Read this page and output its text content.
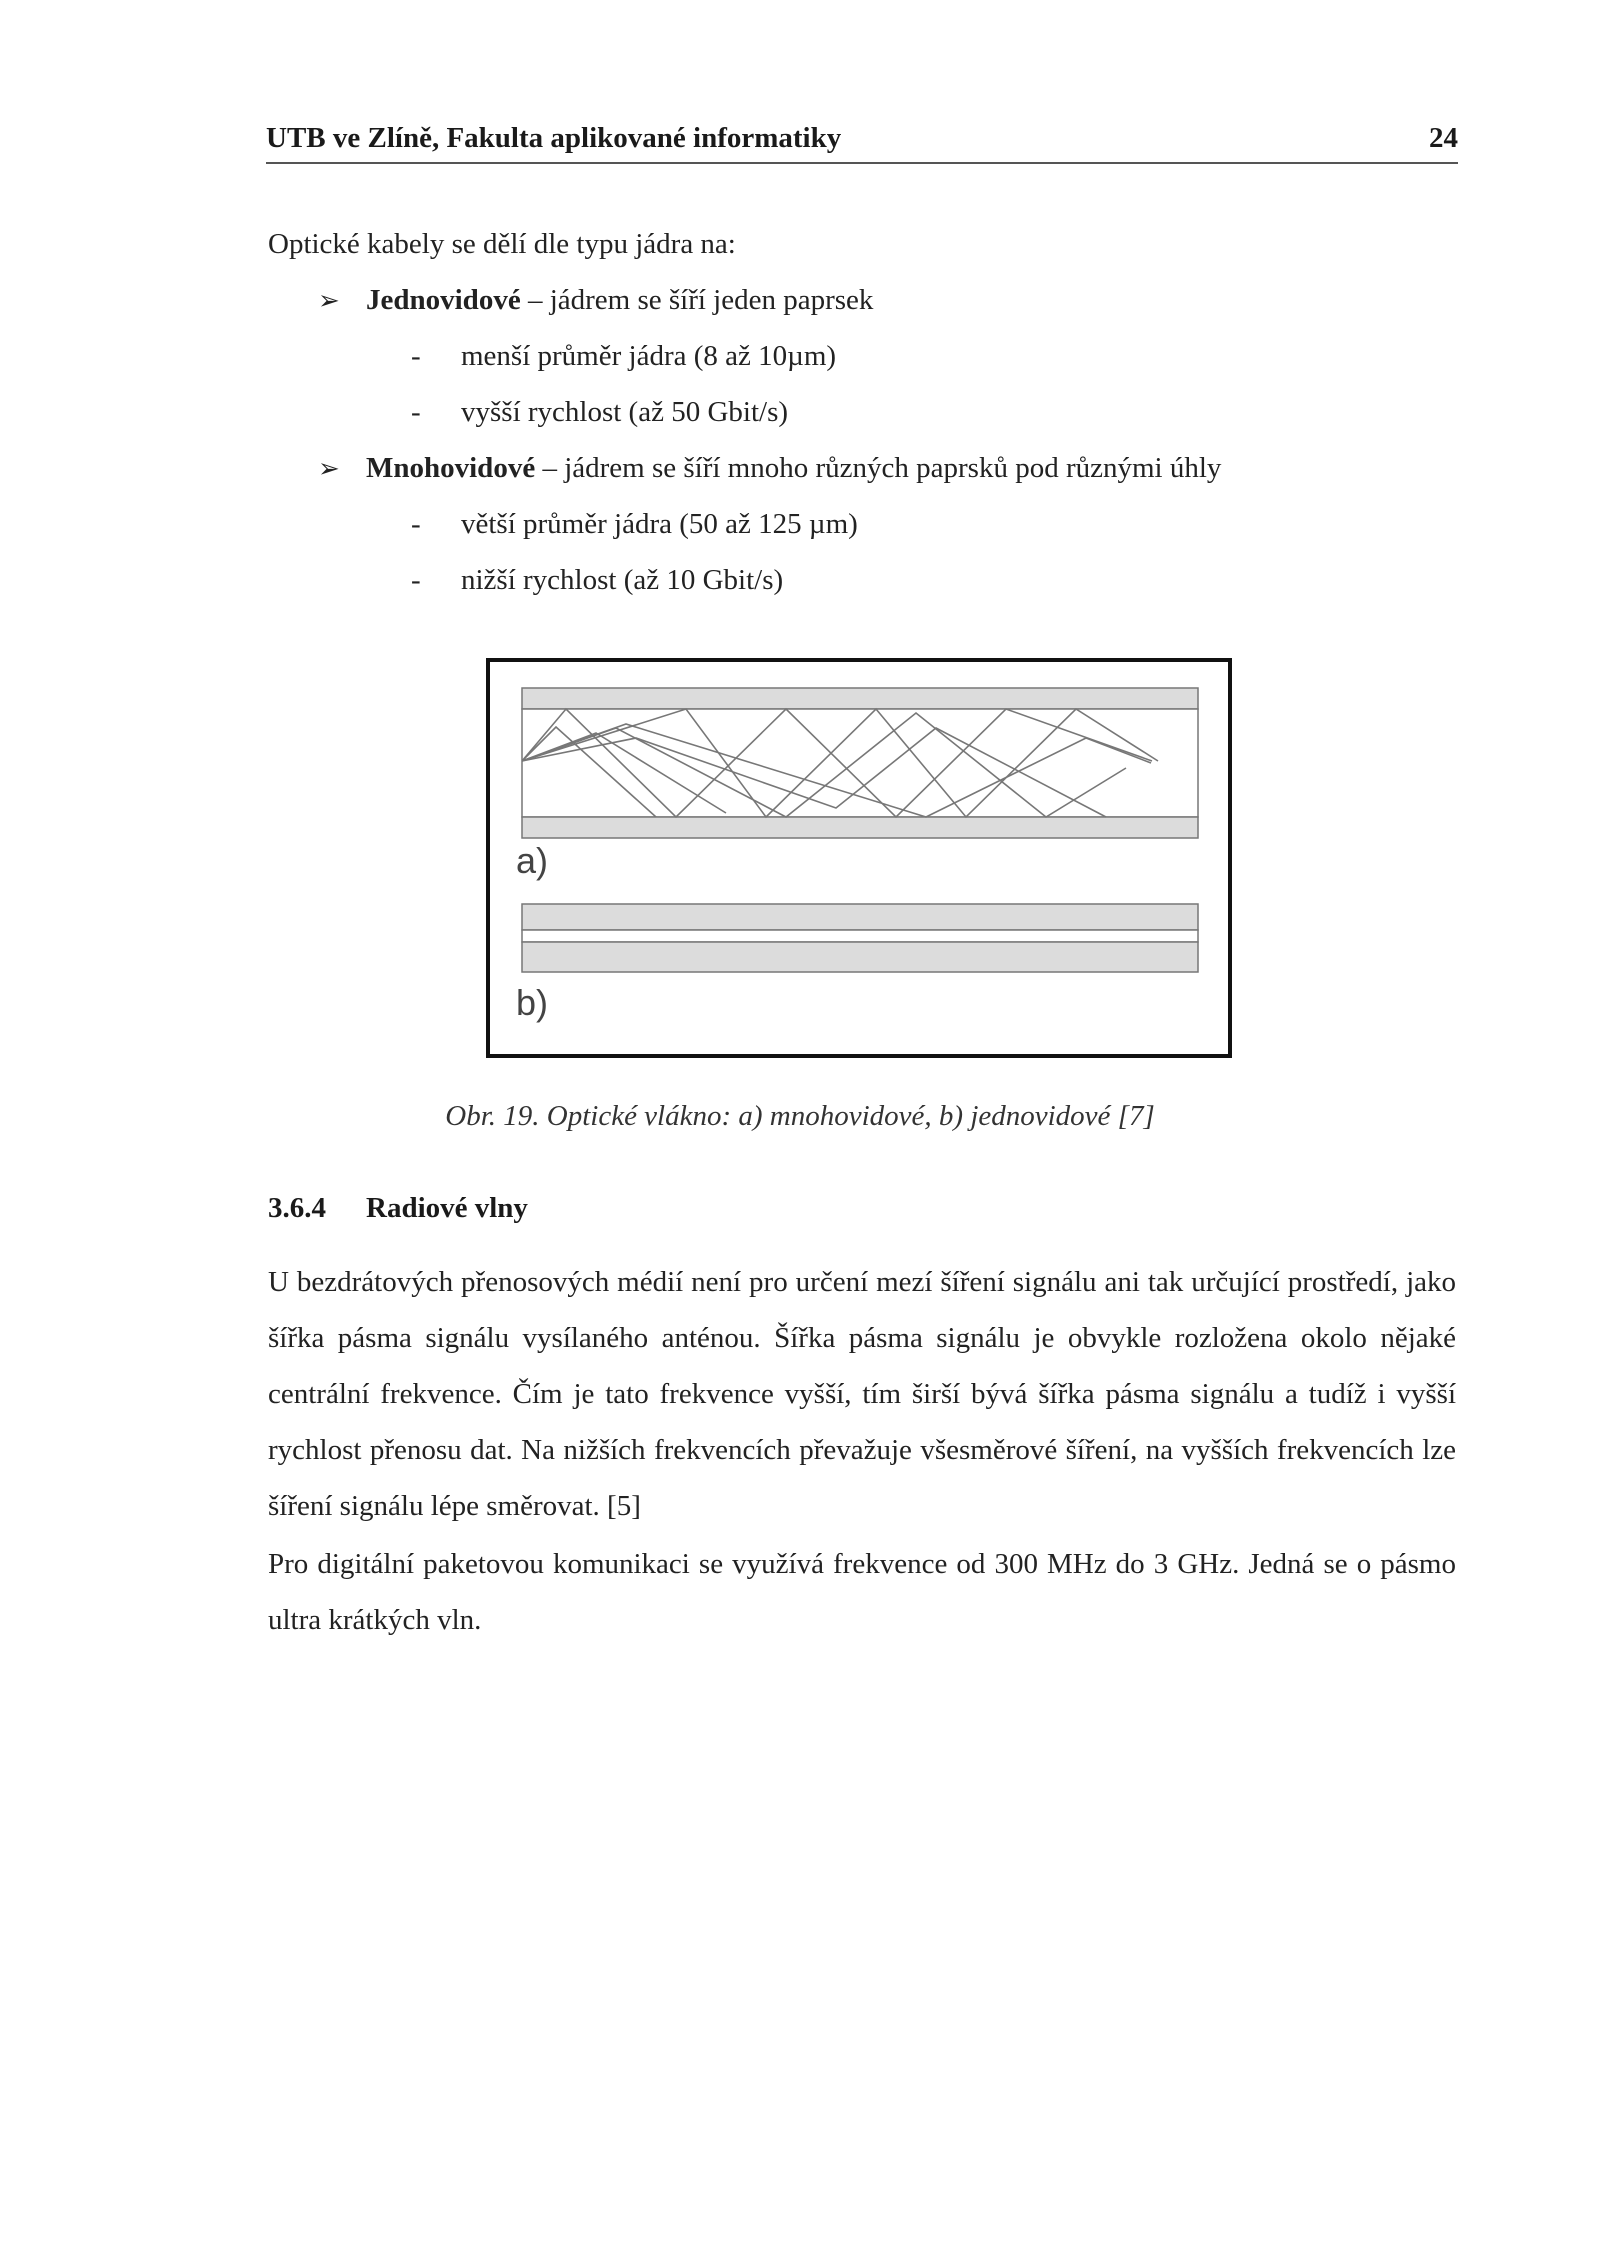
UTB ve Zlíně, Fakulta aplikované informatiky	24
Optické kabely se dělí dle typu jádra na:
➢ Jednovidové – jádrem se šíří jeden paprsek
- menší průměr jádra (8 až 10µm)
- vyšší rychlost (až 50 Gbit/s)
➢ Mnohovidové – jádrem se šíří mnoho různých paprsků pod různými úhly
- větší průměr jádra (50 až 125 µm)
- nižší rychlost (až 10 Gbit/s)
a)
b)
Obr. 19. Optické vlákno: a) mnohovidové, b) jednovidové [7]
3.6.4 Radiové vlny
U bezdrátových přenosových médií není pro určení mezí šíření signálu ani tak určující prostředí, jako šířka pásma signálu vysílaného anténou. Šířka pásma signálu je obvykle rozložena okolo nějaké centrální frekvence. Čím je tato frekvence vyšší, tím širší bývá šířka pásma signálu a tudíž i vyšší rychlost přenosu dat. Na nižších frekvencích převažuje všesměrové šíření, na vyšších frekvencích lze šíření signálu lépe směrovat. [5]
Pro digitální paketovou komunikaci se využívá frekvence od 300 MHz do 3 GHz. Jedná se o pásmo ultra krátkých vln.
